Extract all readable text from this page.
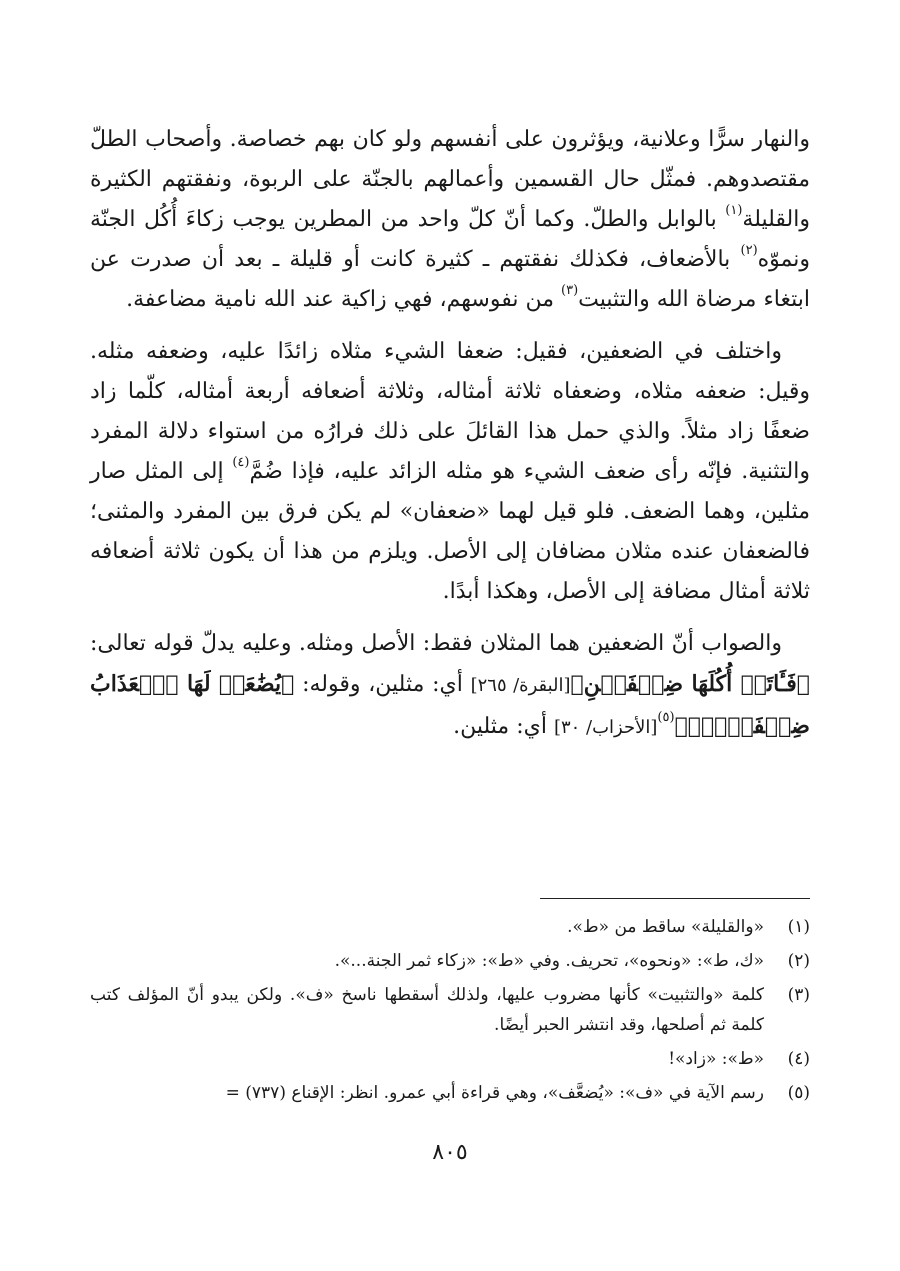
والنهار سرًّا وعلانية، ويؤثرون على أنفسهم ولو كان بهم خصاصة. وأصحاب الطلّ مقتصدوهم. فمثّل حال القسمين وأعمالهم بالجنّة على الربوة، ونفقتهم الكثيرة والقليلة$^{(١)}$ بالوابل والطلّ. وكما أنّ كلّ واحد من المطرين يوجب زكاءَ أُكُل الجنّة ونموّه$^{(٢)}$ بالأضعاف، فكذلك نفقتهم ـ كثيرة كانت أو قليلة ـ بعد أن صدرت عن ابتغاء مرضاة الله والتثبيت$^{(٣)}$ من نفوسهم، فهي زاكية عند الله نامية مضاعفة.

واختلف في الضعفين، فقيل: ضعفا الشيء مثلاه زائدًا عليه، وضعفه مثله. وقيل: ضعفه مثلاه، وضعفاه ثلاثة أمثاله، وثلاثة أضعافه أربعة أمثاله، كلّما زاد ضعفًا زاد مثلاً. والذي حمل هذا القائلَ على ذلك فرارُه من استواء دلالة المفرد والتثنية. فإنّه رأى ضعف الشيء هو مثله الزائد عليه، فإذا ضُمَّ$^{(٤)}$ إلى المثل صار مثلين، وهما الضعف. فلو قيل لهما «ضعفان» لم يكن فرق بين المفرد والمثنى؛ فالضعفان عنده مثلان مضافان إلى الأصل. ويلزم من هذا أن يكون ثلاثة أضعافه ثلاثة أمثال مضافة إلى الأصل، وهكذا أبدًا.

والصواب أنّ الضعفين هما المثلان فقط: الأصل ومثله. وعليه يدلّ قوله تعالى: ﴿فَـَٔاتَتۡ أُكُلَهَا ضِعۡفَيۡنِ﴾[البقرة/ ٢٦٥] أي: مثلين، وقوله: ﴿يُضَٰعَفۡ لَهَا ٱلۡعَذَابُ ضِعۡفَيۡنِۚ﴾$^{(٥)}$[الأحزاب/ ٣٠] أي: مثلين.

(١)
«والقليلة» ساقط من «ط».

(٢)
«ك، ط»: «ونحوه»، تحريف. وفي «ط»: «زكاء ثمر الجنة...».

(٣)
كلمة «والتثبيت» كأنها مضروب عليها، ولذلك أسقطها ناسخ «ف». ولكن يبدو أنّ المؤلف كتب كلمة ثم أصلحها، وقد انتشر الحبر أيضًا.

(٤)
«ط»: «زاد»!

(٥)
رسم الآية في «ف»: «يُضعَّف»، وهي قراءة أبي عمرو. انظر: الإقناع (٧٣٧) =

٨٠٥
